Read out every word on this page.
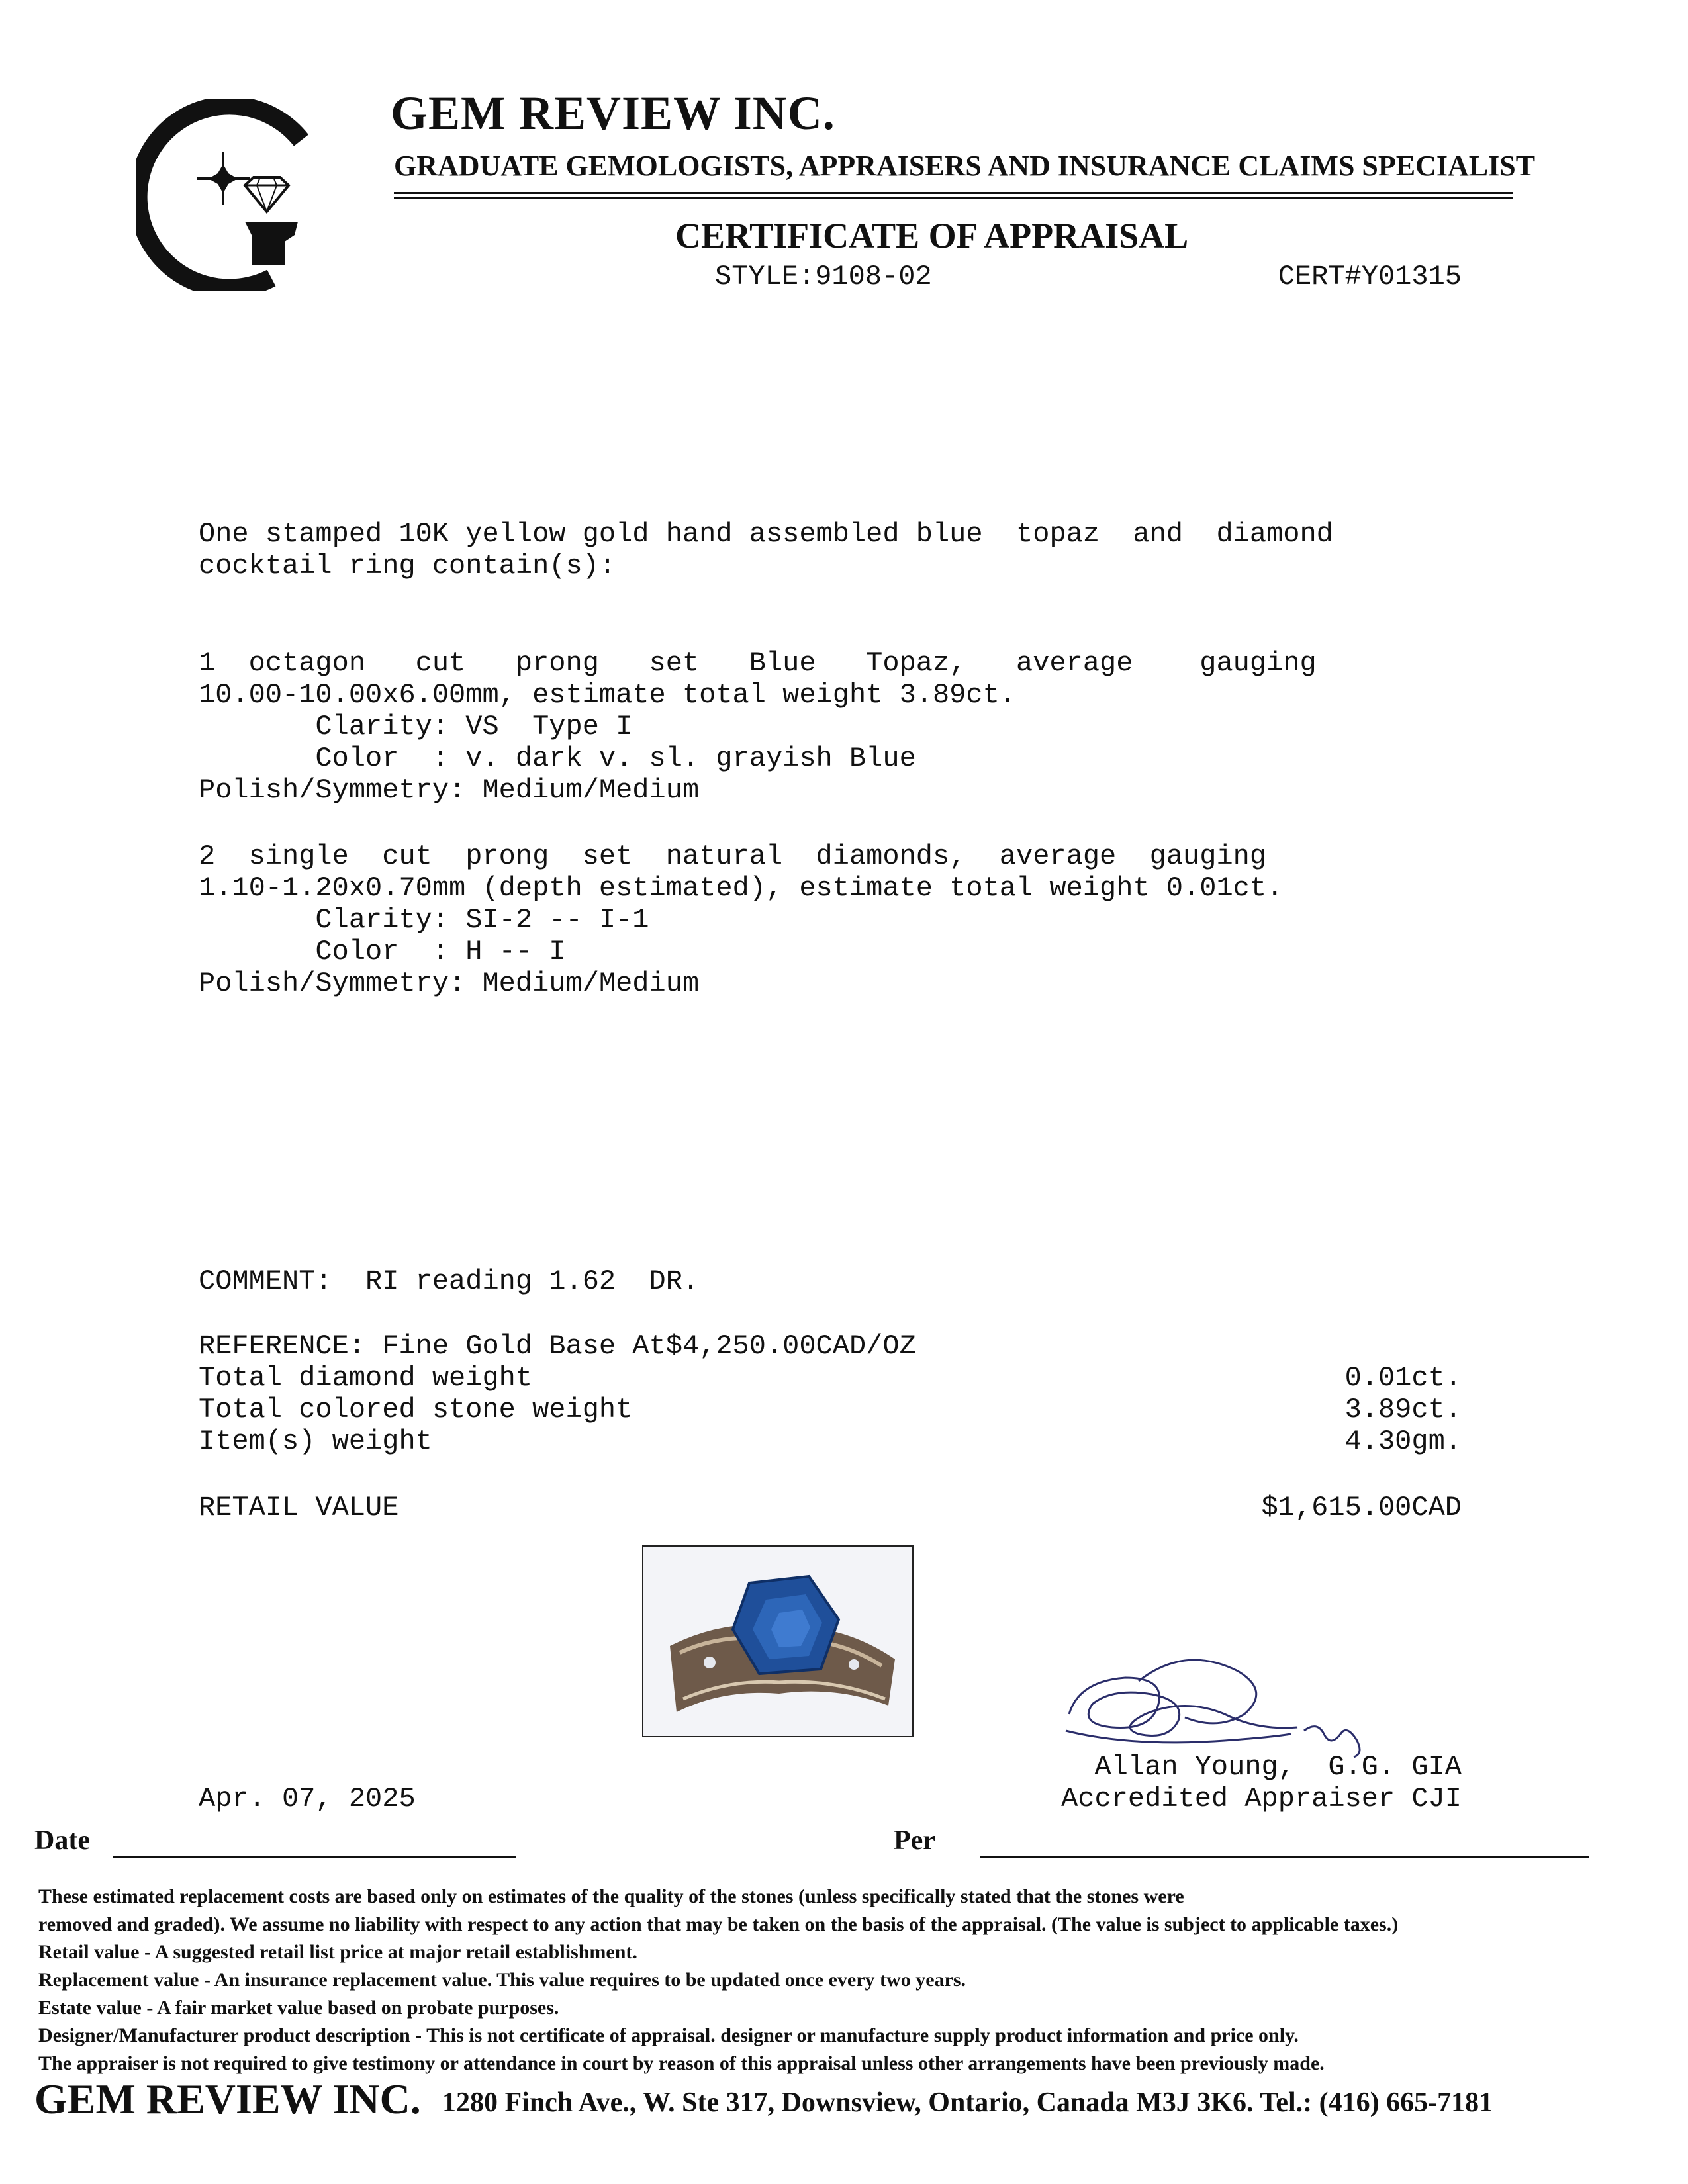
GEM REVIEW INC.
GRADUATE GEMOLOGISTS, APPRAISERS AND INSURANCE CLAIMS SPECIALIST
CERTIFICATE OF APPRAISAL
STYLE:9108-02	CERT#Y01315
One stamped 10K yellow gold hand assembled blue  topaz  and  diamond
cocktail ring contain(s):
1  octagon   cut   prong   set   Blue   Topaz,   average    gauging
10.00-10.00x6.00mm, estimate total weight 3.89ct.
Clarity: VS  Type I
Color  : v. dark v. sl. grayish Blue
Polish/Symmetry: Medium/Medium
2  single  cut  prong  set  natural  diamonds,  average  gauging
1.10-1.20x0.70mm (depth estimated), estimate total weight 0.01ct.
Clarity: SI-2 -- I-1
Color  : H -- I
Polish/Symmetry: Medium/Medium
COMMENT:  RI reading 1.62  DR.
REFERENCE: Fine Gold Base At$4,250.00CAD/OZ
Total diamond weight	0.01ct.
Total colored stone weight	3.89ct.
Item(s) weight	4.30gm.
RETAIL VALUE	$1,615.00CAD
Apr. 07, 2025
Allan Young,  G.G. GIA
Accredited Appraiser CJI
Date	Per
These estimated replacement costs are based only on estimates of the quality of the stones (unless specifically stated that the stones were
removed and graded). We assume no liability with respect to any action that may be taken on the basis of the appraisal. (The value is subject to applicable taxes.)
Retail value - A suggested retail list price at major retail establishment.
Replacement value - An insurance replacement value. This value requires to be updated once every two years.
Estate value - A fair market value based on probate purposes.
Designer/Manufacturer product description - This is not certificate of appraisal. designer or manufacture supply product information and price only.
The appraiser is not required to give testimony or attendance in court by reason of this appraisal unless other arrangements have been previously made.
GEM REVIEW INC. 1280 Finch Ave., W. Ste 317, Downsview, Ontario, Canada M3J 3K6. Tel.: (416) 665-7181
